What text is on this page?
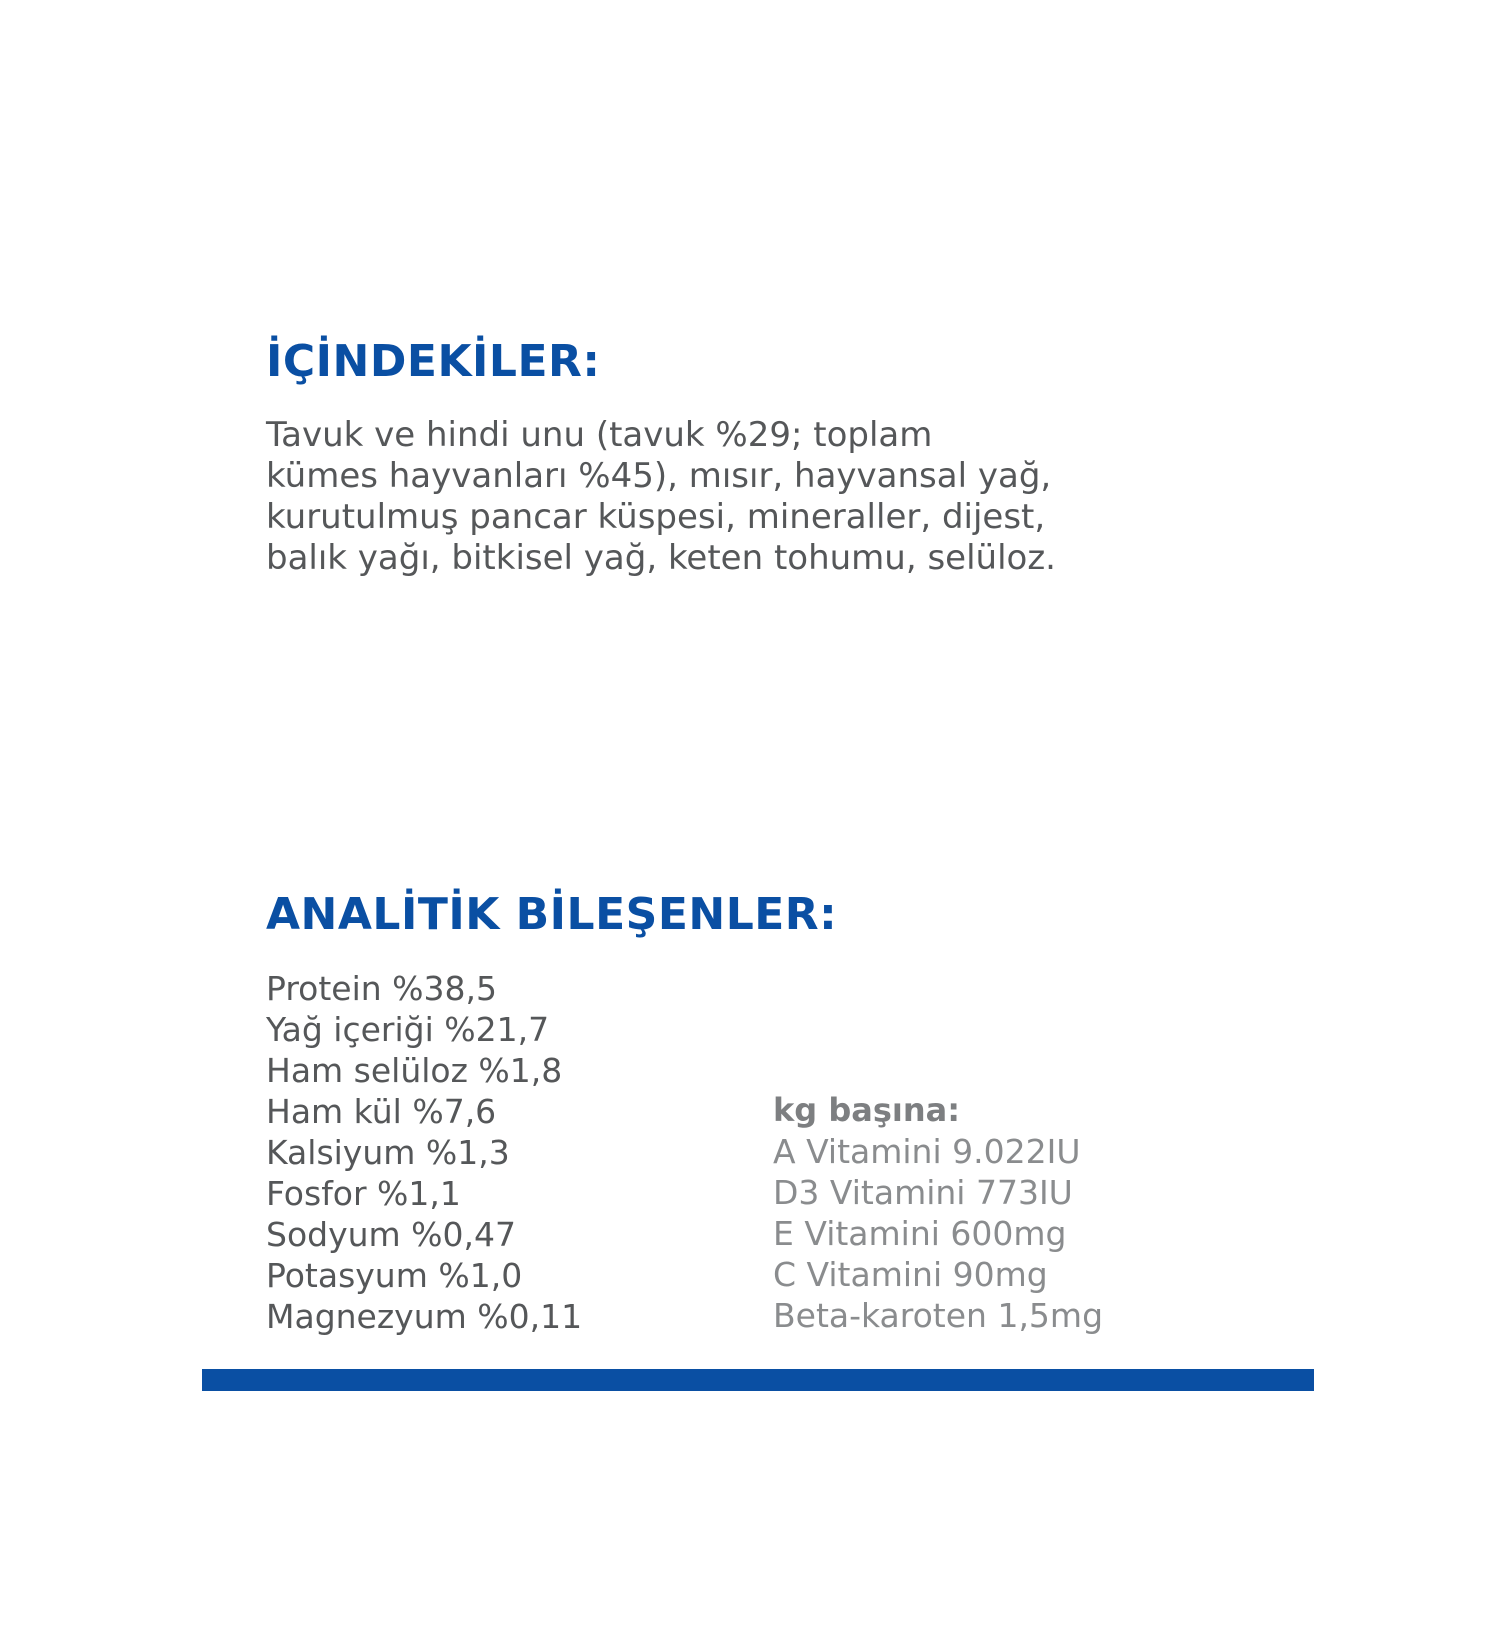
İÇİNDEKİLER:

Tavuk ve hindi unu (tavuk %29; toplam
kümes hayvanları %45), mısır, hayvansal yağ,
kurutulmuş pancar küspesi, mineraller, dijest,
balık yağı, bitkisel yağ, keten tohumu, selüloz.

ANALİTİK BİLEŞENLER:
Protein %38,5
Yağ içeriği %21,7
Ham selüloz %1,8
Ham kül %7,6
Kalsiyum %1,3
Fosfor %1,1
Sodyum %0,47
Potasyum %1,0
Magnezyum %0,11
kg başına:
A Vitamini 9.022IU
D3 Vitamini 773IU
E Vitamini 600mg
C Vitamini 90mg
Beta-karoten 1,5mg
